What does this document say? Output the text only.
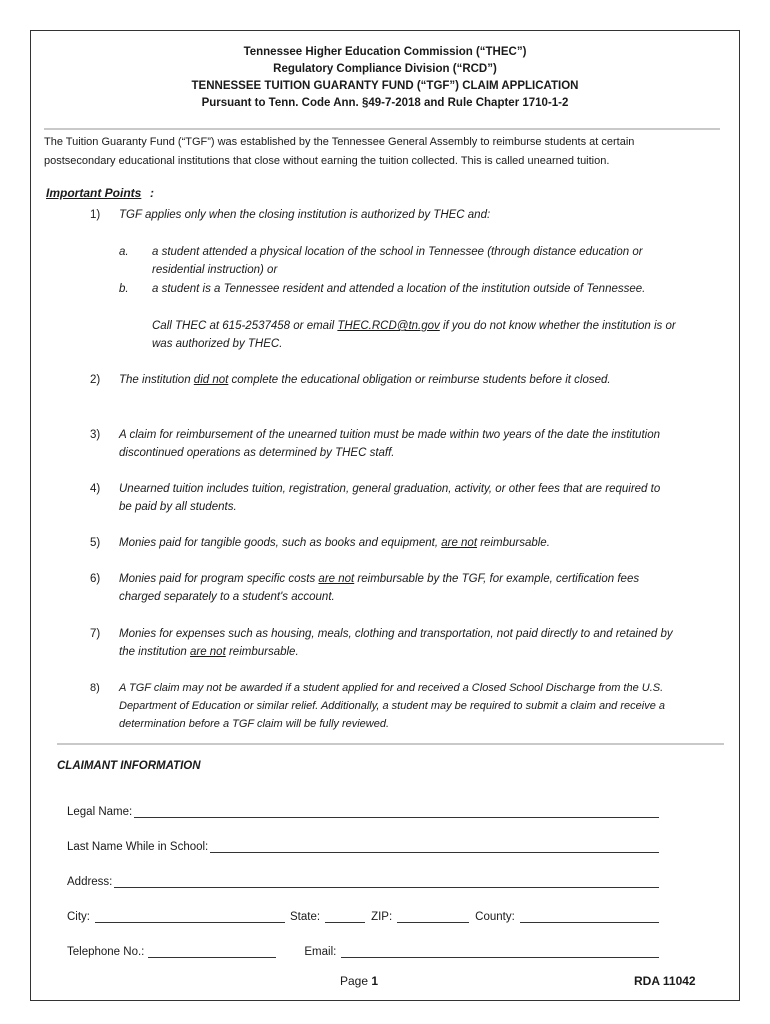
Tennessee Higher Education Commission (“THEC”)
Regulatory Compliance Division (“RCD”)
TENNESSEE TUITION GUARANTY FUND (“TGF”) CLAIM APPLICATION
Pursuant to Tenn. Code Ann. §49-7-2018 and Rule Chapter 1710-1-2
The Tuition Guaranty Fund (“TGF”) was established by the Tennessee General Assembly to reimburse students at certain
postsecondary educational institutions that close without earning the tuition collected. This is called unearned tuition.
Important Points :
1) TGF applies only when the closing institution is authorized by THEC and:
a. a student attended a physical location of the school in Tennessee (through distance education or residential instruction) or
b. a student is a Tennessee resident and attended a location of the institution outside of Tennessee.
Call THEC at 615-2537458 or email THEC.RCD@tn.gov if you do not know whether the institution is or was authorized by THEC.
2) The institution did not complete the educational obligation or reimburse students before it closed.
3) A claim for reimbursement of the unearned tuition must be made within two years of the date the institution discontinued operations as determined by THEC staff.
4) Unearned tuition includes tuition, registration, general graduation, activity, or other fees that are required to be paid by all students.
5) Monies paid for tangible goods, such as books and equipment, are not reimbursable.
6) Monies paid for program specific costs are not reimbursable by the TGF, for example, certification fees charged separately to a student's account.
7) Monies for expenses such as housing, meals, clothing and transportation, not paid directly to and retained by the institution are not reimbursable.
8) A TGF claim may not be awarded if a student applied for and received a Closed School Discharge from the U.S. Department of Education or similar relief. Additionally, a student may be required to submit a claim and receive a determination before a TGF claim will be fully reviewed.
CLAIMANT INFORMATION
Legal Name:
Last Name While in School:
Address:
City:	State:	ZIP:	County:
Telephone No.:	Email:
Page 1	RDA 11042
